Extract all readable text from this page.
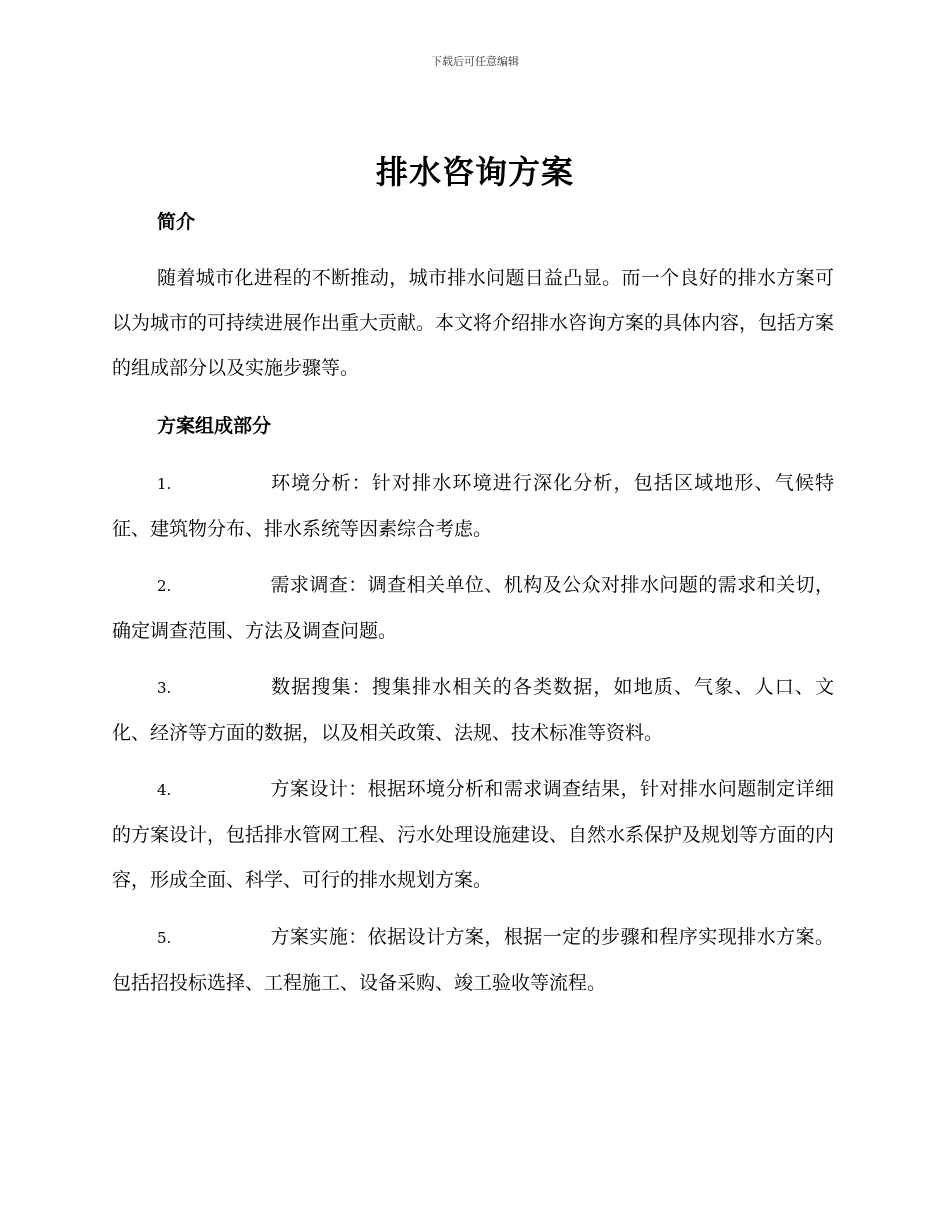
下载后可任意编辑
排水咨询方案
简介
随着城市化进程的不断推动，城市排水问题日益凸显。而一个良好的排水方案可以为城市的可持续进展作出重大贡献。本文将介绍排水咨询方案的具体内容，包括方案的组成部分以及实施步骤等。
方案组成部分
1.	环境分析：针对排水环境进行深化分析，包括区域地形、气候特征、建筑物分布、排水系统等因素综合考虑。
2.	需求调查：调查相关单位、机构及公众对排水问题的需求和关切，确定调查范围、方法及调查问题。
3.	数据搜集：搜集排水相关的各类数据，如地质、气象、人口、文化、经济等方面的数据，以及相关政策、法规、技术标准等资料。
4.	方案设计：根据环境分析和需求调查结果，针对排水问题制定详细的方案设计，包括排水管网工程、污水处理设施建设、自然水系保护及规划等方面的内容，形成全面、科学、可行的排水规划方案。
5.	方案实施：依据设计方案，根据一定的步骤和程序实现排水方案。包括招投标选择、工程施工、设备采购、竣工验收等流程。
